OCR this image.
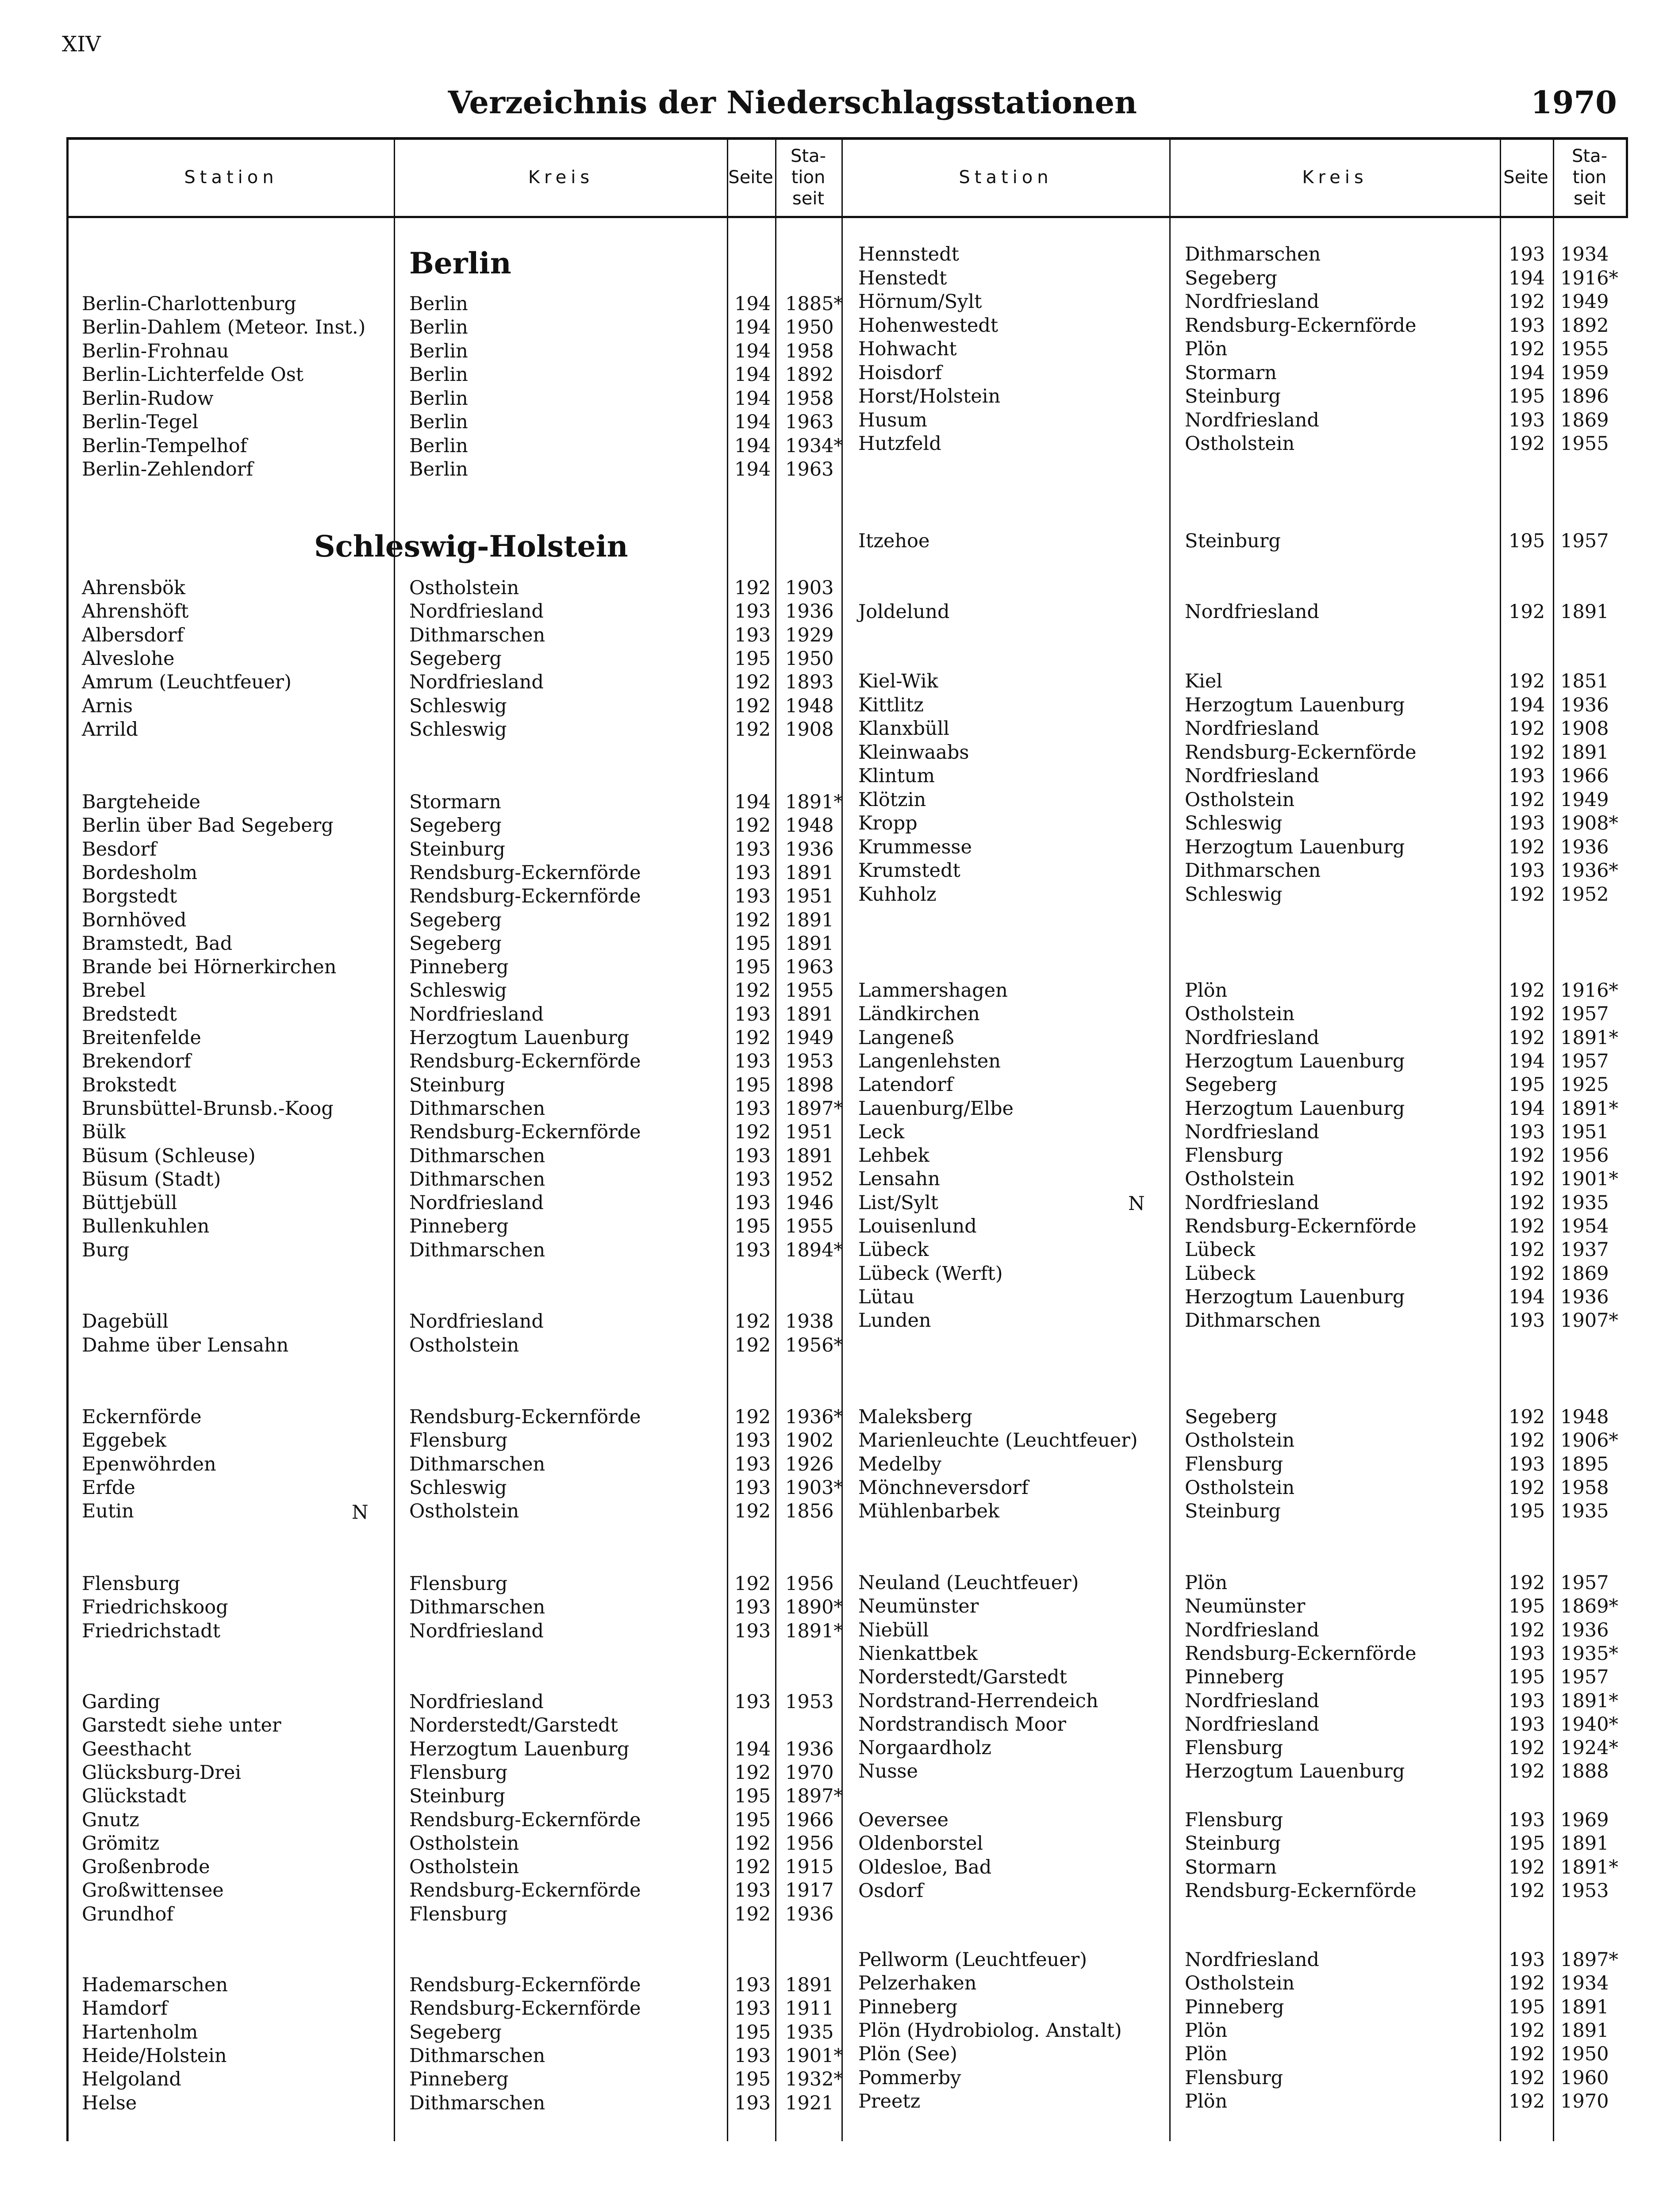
XIV
Verzeichnis der Niederschlagsstationen	1970
Station	Kreis	Seite
Sta-
tion
seit
Station	Kreis	Seite
Sta-
tion
seit
Berlin
Schleswig-Holstein
N
N
Berlin-Charlottenburg	Berlin	194 1885*
Berlin-Dahlem (Meteor. Inst.) Berlin	194 1950
Berlin-Frohnau	Berlin	194 1958
Berlin-Lichterfelde Ost	Berlin	194 1892
Berlin-Rudow	Berlin	194 1958
Berlin-Tegel	Berlin	194 1963
Berlin-Tempelhof	Berlin	194 1934*
Berlin-Zehlendorf	Berlin	194 1963
Ahrensbök	Ostholstein	192 1903
Ahrenshöft	Nordfriesland	193 1936
Albersdorf	Dithmarschen	193 1929
Alveslohe	Segeberg	195 1950
Amrum (Leuchtfeuer)	Nordfriesland	192 1893
Arnis	Schleswig	192 1948
Arrild	Schleswig	192 1908
Bargteheide	Stormarn	194 1891*
Berlin über Bad Segeberg	Segeberg	192 1948
Besdorf	Steinburg	193 1936
Bordesholm	Rendsburg-Eckernförde	193 1891
Borgstedt	Rendsburg-Eckernförde	193 1951
Bornhöved	Segeberg	192 1891
Bramstedt, Bad	Segeberg	195 1891
Brande bei Hörnerkirchen	Pinneberg	195 1963
Brebel	Schleswig	192 1955
Bredstedt	Nordfriesland	193 1891
Breitenfelde	Herzogtum Lauenburg	192 1949
Brekendorf	Rendsburg-Eckernförde	193 1953
Brokstedt	Steinburg	195 1898
Brunsbüttel-Brunsb.-Koog	Dithmarschen	193 1897*
Bülk	Rendsburg-Eckernförde	192 1951
Büsum (Schleuse)	Dithmarschen	193 1891
Büsum (Stadt)	Dithmarschen	193 1952
Büttjebüll	Nordfriesland	193 1946
Bullenkuhlen	Pinneberg	195 1955
Burg	Dithmarschen	193 1894*
Dagebüll	Nordfriesland	192 1938
Dahme über Lensahn	Ostholstein	192 1956*
Eckernförde	Rendsburg-Eckernförde	192 1936*
Eggebek	Flensburg	193 1902
Epenwöhrden	Dithmarschen	193 1926
Erfde	Schleswig	193 1903*
Eutin	Ostholstein	192 1856
Flensburg	Flensburg	192 1956
Friedrichskoog	Dithmarschen	193 1890*
Friedrichstadt	Nordfriesland	193 1891*
Garding	Nordfriesland	193 1953
Garstedt siehe unter	Norderstedt/Garstedt
Geesthacht	Herzogtum Lauenburg	194 1936
Glücksburg-Drei	Flensburg	192 1970
Glückstadt	Steinburg	195 1897*
Gnutz	Rendsburg-Eckernförde	195 1966
Grömitz	Ostholstein	192 1956
Großenbrode	Ostholstein	192 1915
Großwittensee	Rendsburg-Eckernförde	193 1917
Grundhof	Flensburg	192 1936
Hademarschen	Rendsburg-Eckernförde	193 1891
Hamdorf	Rendsburg-Eckernförde	193 1911
Hartenholm	Segeberg	195 1935
Heide/Holstein	Dithmarschen	193 1901*
Helgoland	Pinneberg	195 1932*
Helse	Dithmarschen	193 1921
Hennstedt	Dithmarschen	193 1934
Henstedt	Segeberg	194 1916*
Hörnum/Sylt	Nordfriesland	192 1949
Hohenwestedt	Rendsburg-Eckernförde	193 1892
Hohwacht	Plön	192 1955
Hoisdorf	Stormarn	194 1959
Horst/Holstein	Steinburg	195 1896
Husum	Nordfriesland	193 1869
Hutzfeld	Ostholstein	192 1955
Itzehoe	Steinburg	195 1957
Joldelund	Nordfriesland	192 1891
Kiel-Wik	Kiel	192 1851
Kittlitz	Herzogtum Lauenburg	194 1936
Klanxbüll	Nordfriesland	192 1908
Kleinwaabs	Rendsburg-Eckernförde	192 1891
Klintum	Nordfriesland	193 1966
Klötzin	Ostholstein	192 1949
Kropp	Schleswig	193 1908*
Krummesse	Herzogtum Lauenburg	192 1936
Krumstedt	Dithmarschen	193 1936*
Kuhholz	Schleswig	192 1952
Lammershagen	Plön	192 1916*
Ländkirchen	Ostholstein	192 1957
Langeneß	Nordfriesland	192 1891*
Langenlehsten	Herzogtum Lauenburg	194 1957
Latendorf	Segeberg	195 1925
Lauenburg/Elbe	Herzogtum Lauenburg	194 1891*
Leck	Nordfriesland	193 1951
Lehbek	Flensburg	192 1956
Lensahn	Ostholstein	192 1901*
List/Sylt	Nordfriesland	192 1935
Louisenlund	Rendsburg-Eckernförde	192 1954
Lübeck	Lübeck	192 1937
Lübeck (Werft)	Lübeck	192 1869
Lütau	Herzogtum Lauenburg	194 1936
Lunden	Dithmarschen	193 1907*
Maleksberg	Segeberg	192 1948
Marienleuchte (Leuchtfeuer) Ostholstein	192 1906*
Medelby	Flensburg	193 1895
Mönchneversdorf	Ostholstein	192 1958
Mühlenbarbek	Steinburg	195 1935
Neuland (Leuchtfeuer)	Plön	192 1957
Neumünster	Neumünster	195 1869*
Niebüll	Nordfriesland	192 1936
Nienkattbek	Rendsburg-Eckernförde	193 1935*
Norderstedt/Garstedt	Pinneberg	195 1957
Nordstrand-Herrendeich	Nordfriesland	193 1891*
Nordstrandisch Moor	Nordfriesland	193 1940*
Norgaardholz	Flensburg	192 1924*
Nusse	Herzogtum Lauenburg	192 1888
Oeversee	Flensburg	193 1969
Oldenborstel	Steinburg	195 1891
Oldesloe, Bad	Stormarn	192 1891*
Osdorf	Rendsburg-Eckernförde	192 1953
Pellworm (Leuchtfeuer)	Nordfriesland	193 1897*
Pelzerhaken	Ostholstein	192 1934
Pinneberg	Pinneberg	195 1891
Plön (Hydrobiolog. Anstalt)	Plön	192 1891
Plön (See)	Plön	192 1950
Pommerby	Flensburg	192 1960
Preetz	Plön	192 1970
